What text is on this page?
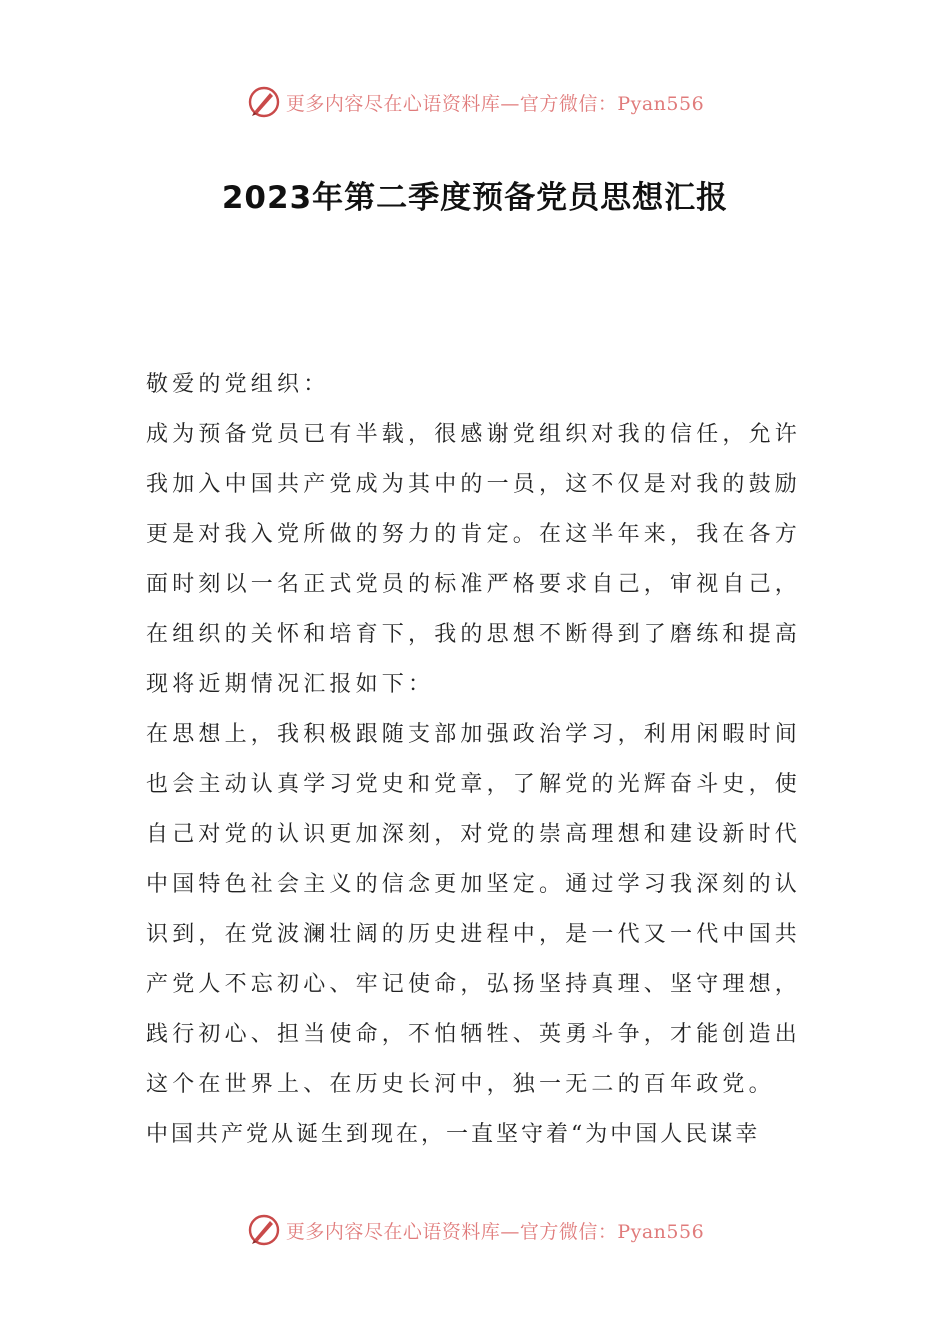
更多内容尽在心语资料库—官方微信：Pyan556
2023年第二季度预备党员思想汇报
敬爱的党组织：
成为预备党员已有半载，很感谢党组织对我的信任，允许
我加入中国共产党成为其中的一员，这不仅是对我的鼓励
更是对我入党所做的努力的肯定。在这半年来，我在各方
面时刻以一名正式党员的标准严格要求自己，审视自己，
在组织的关怀和培育下，我的思想不断得到了磨练和提高
现将近期情况汇报如下：
在思想上，我积极跟随支部加强政治学习，利用闲暇时间
也会主动认真学习党史和党章，了解党的光辉奋斗史，使
自己对党的认识更加深刻，对党的崇高理想和建设新时代
中国特色社会主义的信念更加坚定。通过学习我深刻的认
识到，在党波澜壮阔的历史进程中，是一代又一代中国共
产党人不忘初心、牢记使命，弘扬坚持真理、坚守理想，
践行初心、担当使命，不怕牺牲、英勇斗争，才能创造出
这个在世界上、在历史长河中，独一无二的百年政党。
中国共产党从诞生到现在，一直坚守着“为中国人民谋幸
更多内容尽在心语资料库—官方微信：Pyan556
